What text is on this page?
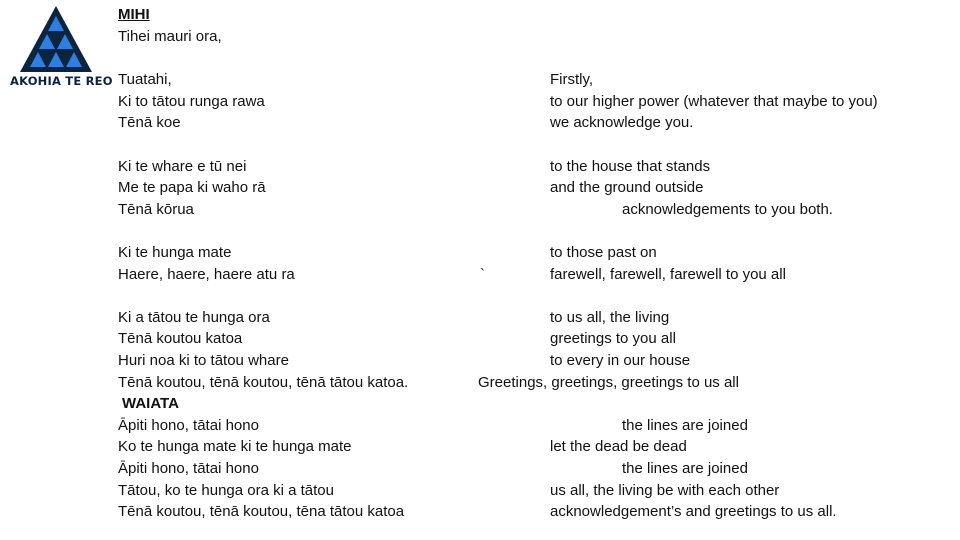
AKOHIA TE REO
MIHI
Tihei mauri ora,
Tuatahi,
Ki to tātou runga rawa
Tēnā koe
Ki te whare e tū nei
Me te papa ki waho rā
Tēnā kōrua
Ki te hunga mate
Haere, haere, haere atu ra
Ki a tātou te hunga ora
Tēnā koutou katoa
Huri noa ki to tātou whare
Tēnā koutou, tēnā koutou, tēnā tātou katoa.
WAIATA
Āpiti hono, tātai hono
Ko te hunga mate ki te hunga mate
Āpiti hono, tātai hono
Tātou, ko te hunga ora ki a tātou
Tēnā koutou, tēnā koutou, tēna tātou katoa
`
Firstly,
to our higher power (whatever that maybe to you)
we acknowledge you.
to the house that stands
and the ground outside
acknowledgements to you both.
to those past on
farewell, farewell, farewell to you all
to us all, the living
greetings to you all
to every in our house
Greetings, greetings, greetings to us all
the lines are joined
let the dead be dead
the lines are joined
us all, the living be with each other
acknowledgement’s and greetings to us all.
